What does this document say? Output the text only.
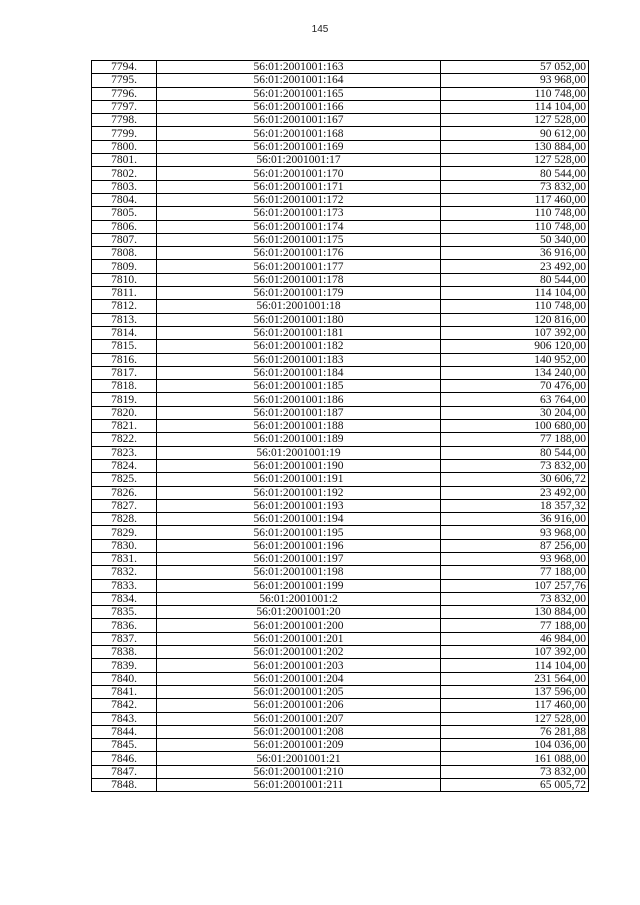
145
7794.	56:01:2001001:163	57 052,00
7795.	56:01:2001001:164	93 968,00
7796.	56:01:2001001:165	110 748,00
7797.	56:01:2001001:166	114 104,00
7798.	56:01:2001001:167	127 528,00
7799.	56:01:2001001:168	90 612,00
7800.	56:01:2001001:169	130 884,00
7801.	56:01:2001001:17	127 528,00
7802.	56:01:2001001:170	80 544,00
7803.	56:01:2001001:171	73 832,00
7804.	56:01:2001001:172	117 460,00
7805.	56:01:2001001:173	110 748,00
7806.	56:01:2001001:174	110 748,00
7807.	56:01:2001001:175	50 340,00
7808.	56:01:2001001:176	36 916,00
7809.	56:01:2001001:177	23 492,00
7810.	56:01:2001001:178	80 544,00
7811.	56:01:2001001:179	114 104,00
7812.	56:01:2001001:18	110 748,00
7813.	56:01:2001001:180	120 816,00
7814.	56:01:2001001:181	107 392,00
7815.	56:01:2001001:182	906 120,00
7816.	56:01:2001001:183	140 952,00
7817.	56:01:2001001:184	134 240,00
7818.	56:01:2001001:185	70 476,00
7819.	56:01:2001001:186	63 764,00
7820.	56:01:2001001:187	30 204,00
7821.	56:01:2001001:188	100 680,00
7822.	56:01:2001001:189	77 188,00
7823.	56:01:2001001:19	80 544,00
7824.	56:01:2001001:190	73 832,00
7825.	56:01:2001001:191	30 606,72
7826.	56:01:2001001:192	23 492,00
7827.	56:01:2001001:193	18 357,32
7828.	56:01:2001001:194	36 916,00
7829.	56:01:2001001:195	93 968,00
7830.	56:01:2001001:196	87 256,00
7831.	56:01:2001001:197	93 968,00
7832.	56:01:2001001:198	77 188,00
7833.	56:01:2001001:199	107 257,76
7834.	56:01:2001001:2	73 832,00
7835.	56:01:2001001:20	130 884,00
7836.	56:01:2001001:200	77 188,00
7837.	56:01:2001001:201	46 984,00
7838.	56:01:2001001:202	107 392,00
7839.	56:01:2001001:203	114 104,00
7840.	56:01:2001001:204	231 564,00
7841.	56:01:2001001:205	137 596,00
7842.	56:01:2001001:206	117 460,00
7843.	56:01:2001001:207	127 528,00
7844.	56:01:2001001:208	76 281,88
7845.	56:01:2001001:209	104 036,00
7846.	56:01:2001001:21	161 088,00
7847.	56:01:2001001:210	73 832,00
7848.	56:01:2001001:211	65 005,72
